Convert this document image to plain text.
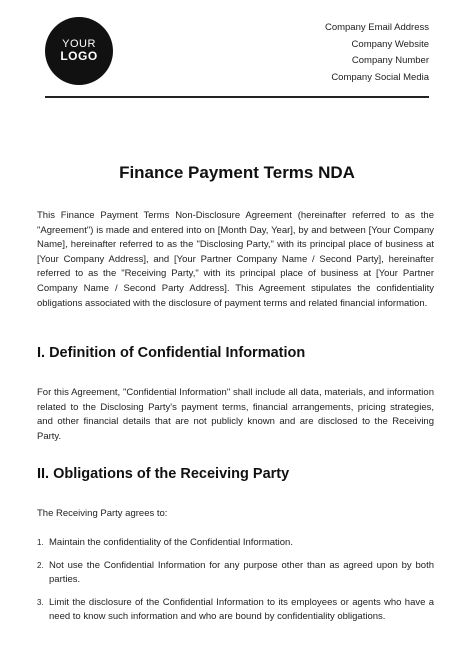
YOUR
LOGO
Company Email Address
Company Website
Company Number
Company Social Media
Finance Payment Terms NDA

This Finance Payment Terms Non-Disclosure Agreement (hereinafter referred to as the "Agreement") is made and entered into on [Month Day, Year], by and between [Your Company Name], hereinafter referred to as the "Disclosing Party," with its principal place of business at [Your Company Address], and [Your Partner Company Name / Second Party], hereinafter referred to as the "Receiving Party," with its principal place of business at [Your Partner Company Name / Second Party Address]. This Agreement stipulates the confidentiality obligations associated with the disclosure of payment terms and related financial information.

I. Definition of Confidential Information

For this Agreement, "Confidential Information" shall include all data, materials, and information related to the Disclosing Party's payment terms, financial arrangements, pricing strategies, and other financial details that are not publicly known and are disclosed to the Receiving Party.

II. Obligations of the Receiving Party

The Receiving Party agrees to:

1. Maintain the confidentiality of the Confidential Information.
2. Not use the Confidential Information for any purpose other than as agreed upon by both parties.
3. Limit the disclosure of the Confidential Information to its employees or agents who have a need to know such information and who are bound by confidentiality obligations.
